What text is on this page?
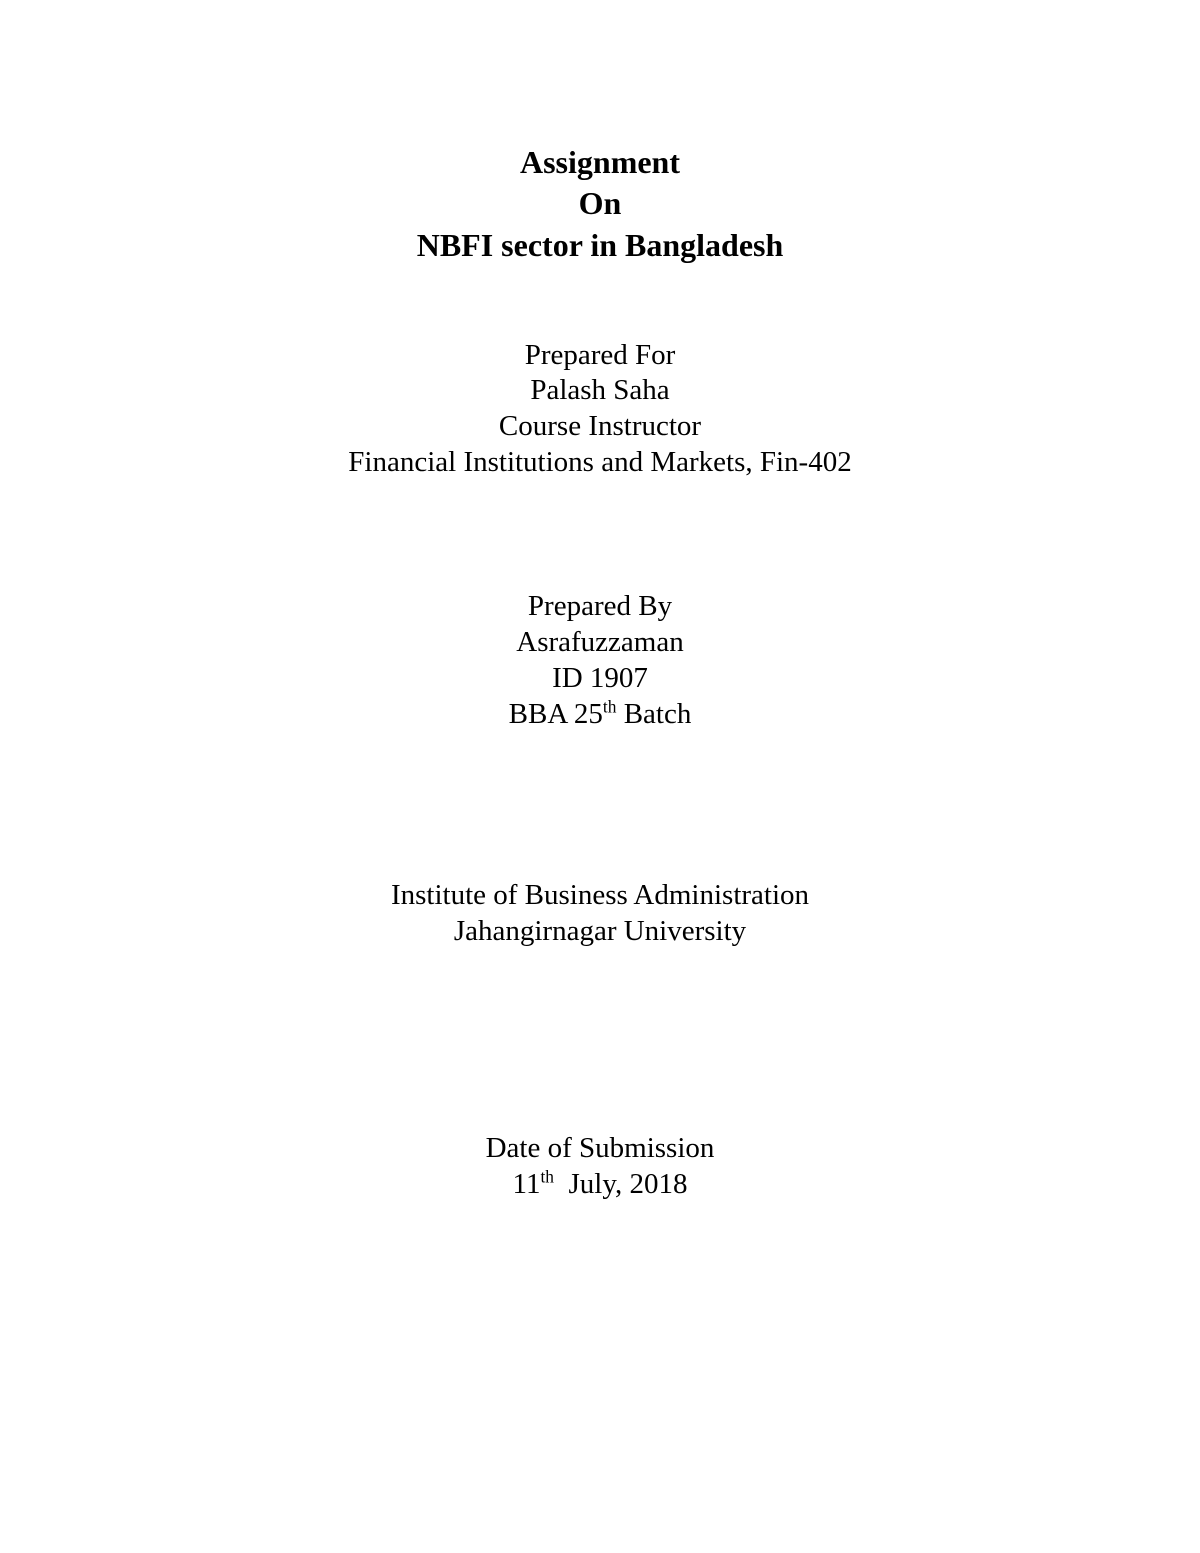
Assignment
On
NBFI sector in Bangladesh
Prepared For
Palash Saha
Course Instructor
Financial Institutions and Markets, Fin-402
Prepared By
Asrafuzzaman
ID 1907
BBA 25th Batch
Institute of Business Administration
Jahangirnagar University
Date of Submission
11th  July, 2018
